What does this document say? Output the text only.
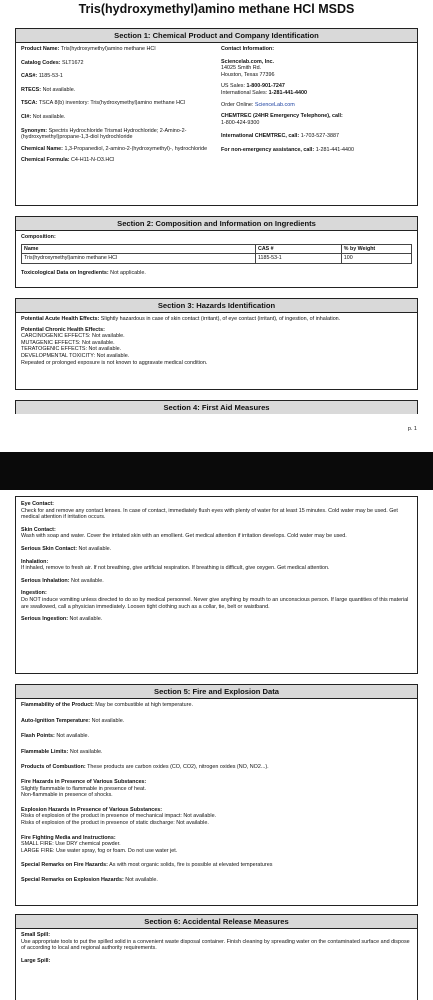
Tris(hydroxymethyl)amino methane HCl MSDS
Section 1: Chemical Product and Company Identification
Product Name: Tris(hydroxymethyl)amino methane HCl
Catalog Codes: SLT1672
CAS#: 1185-53-1
RTECS: Not available.
TSCA: TSCA 8(b) inventory: Tris(hydroxymethyl)amino methane HCl
CI#: Not available.
Synonym: Spectris Hydrochloride Trismat Hydrochloride; 2-Amino-2-(hydroxymethyl)propane-1,3-diol hydrochloride
Chemical Name: 1,3-Propanediol, 2-amino-2-(hydroxymethyl)-, hydrochloride
Chemical Formula: C4-H11-N-O3.HCl
Contact Information:
Sciencelab.com, Inc.
14025 Smith Rd.
Houston, Texas 77396
US Sales: 1-800-901-7247
International Sales: 1-281-441-4400
Order Online: ScienceLab.com
CHEMTREC (24HR Emergency Telephone), call:
1-800-424-9300
International CHEMTREC, call: 1-703-527-3887
For non-emergency assistance, call: 1-281-441-4400
Section 2: Composition and Information on Ingredients
Composition:
Name	CAS #	% by Weight
Tris(hydroxymethyl)amino methane HCl	1185-53-1	100
Toxicological Data on Ingredients: Not applicable.
Section 3: Hazards Identification
Potential Acute Health Effects: Slightly hazardous in case of skin contact (irritant), of eye contact (irritant), of ingestion, of inhalation.
Potential Chronic Health Effects:
CARCINOGENIC EFFECTS: Not available.
MUTAGENIC EFFECTS: Not available.
TERATOGENIC EFFECTS: Not available.
DEVELOPMENTAL TOXICITY: Not available.
Repeated or prolonged exposure is not known to aggravate medical condition.
Section 4: First Aid Measures
p. 1
Eye Contact:
Check for and remove any contact lenses. In case of contact, immediately flush eyes with plenty of water for at least 15 minutes. Cold water may be used. Get medical attention if irritation occurs.
Skin Contact:
Wash with soap and water. Cover the irritated skin with an emollient. Get medical attention if irritation develops. Cold water may be used.
Serious Skin Contact: Not available.
Inhalation:
If inhaled, remove to fresh air. If not breathing, give artificial respiration. If breathing is difficult, give oxygen. Get medical attention.
Serious Inhalation: Not available.
Ingestion:
Do NOT induce vomiting unless directed to do so by medical personnel. Never give anything by mouth to an unconscious person. If large quantities of this material are swallowed, call a physician immediately. Loosen tight clothing such as a collar, tie, belt or waistband.
Serious Ingestion: Not available.
Section 5: Fire and Explosion Data
Flammability of the Product: May be combustible at high temperature.
Auto-Ignition Temperature: Not available.
Flash Points: Not available.
Flammable Limits: Not available.
Products of Combustion: These products are carbon oxides (CO, CO2), nitrogen oxides (NO, NO2...).
Fire Hazards in Presence of Various Substances:
Slightly flammable to flammable in presence of heat.
Non-flammable in presence of shocks.
Explosion Hazards in Presence of Various Substances:
Risks of explosion of the product in presence of mechanical impact: Not available.
Risks of explosion of the product in presence of static discharge: Not available.
Fire Fighting Media and Instructions:
SMALL FIRE: Use DRY chemical powder.
LARGE FIRE: Use water spray, fog or foam. Do not use water jet.
Special Remarks on Fire Hazards: As with most organic solids, fire is possible at elevated temperatures
Special Remarks on Explosion Hazards: Not available.
Section 6: Accidental Release Measures
Small Spill:
Use appropriate tools to put the spilled solid in a convenient waste disposal container. Finish cleaning by spreading water on the contaminated surface and dispose of according to local and regional authority requirements.
Large Spill:
